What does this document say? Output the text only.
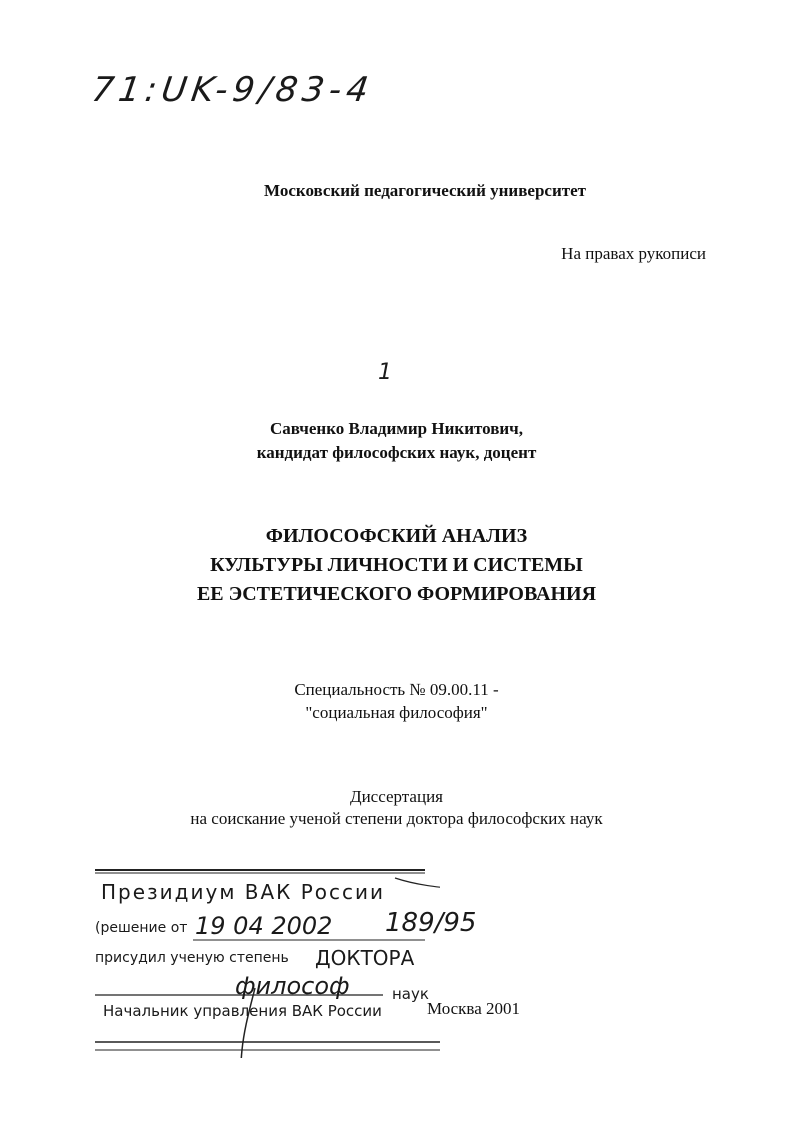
71:UK-9/83-4
Московский педагогический университет
На правах рукописи
1
Савченко Владимир Никитович,
кандидат философских наук, доцент
ФИЛОСОФСКИЙ АНАЛИЗ
КУЛЬТУРЫ ЛИЧНОСТИ И СИСТЕМЫ
ЕЕ ЭСТЕТИЧЕСКОГО ФОРМИРОВАНИЯ
Специальность № 09.00.11 -
"социальная философия"
Диссертация
на соискание ученой степени доктора философских наук
Президиум ВАК России
(решение от 19 04 2002 189/95
присудил ученую степень ДОКТОРА
философ	наук
Начальник управления ВАК России	Москва 2001
